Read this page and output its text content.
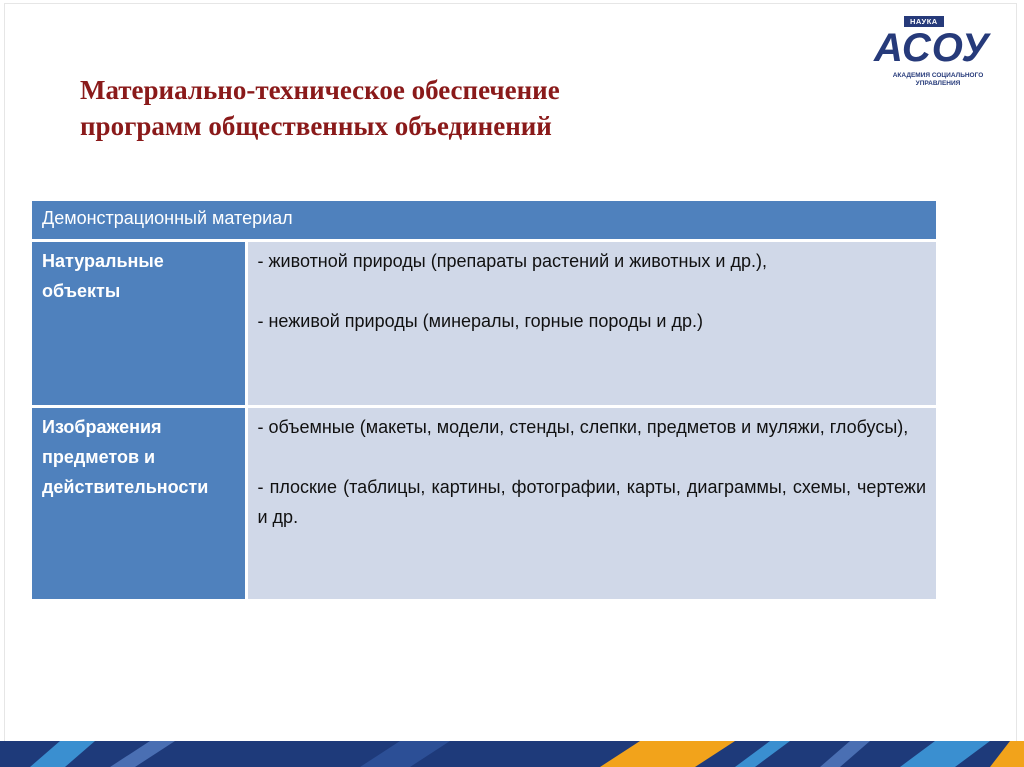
Материально-техническое обеспечение
программ общественных объединений
НАУКА
АСОУ
АКАДЕМИЯ СОЦИАЛЬНОГО УПРАВЛЕНИЯ
Демонстрационный материал	
Натуральные объекты	- животной природы (препараты растений и животных и др.),

- неживой природы (минералы, горные породы и др.)

Изображения предметов и действительности	- объемные (макеты, модели, стенды, слепки, предметов и муляжи, глобусы),

- плоские (таблицы, картины, фотографии, карты, диаграммы, схемы, чертежи и др.
